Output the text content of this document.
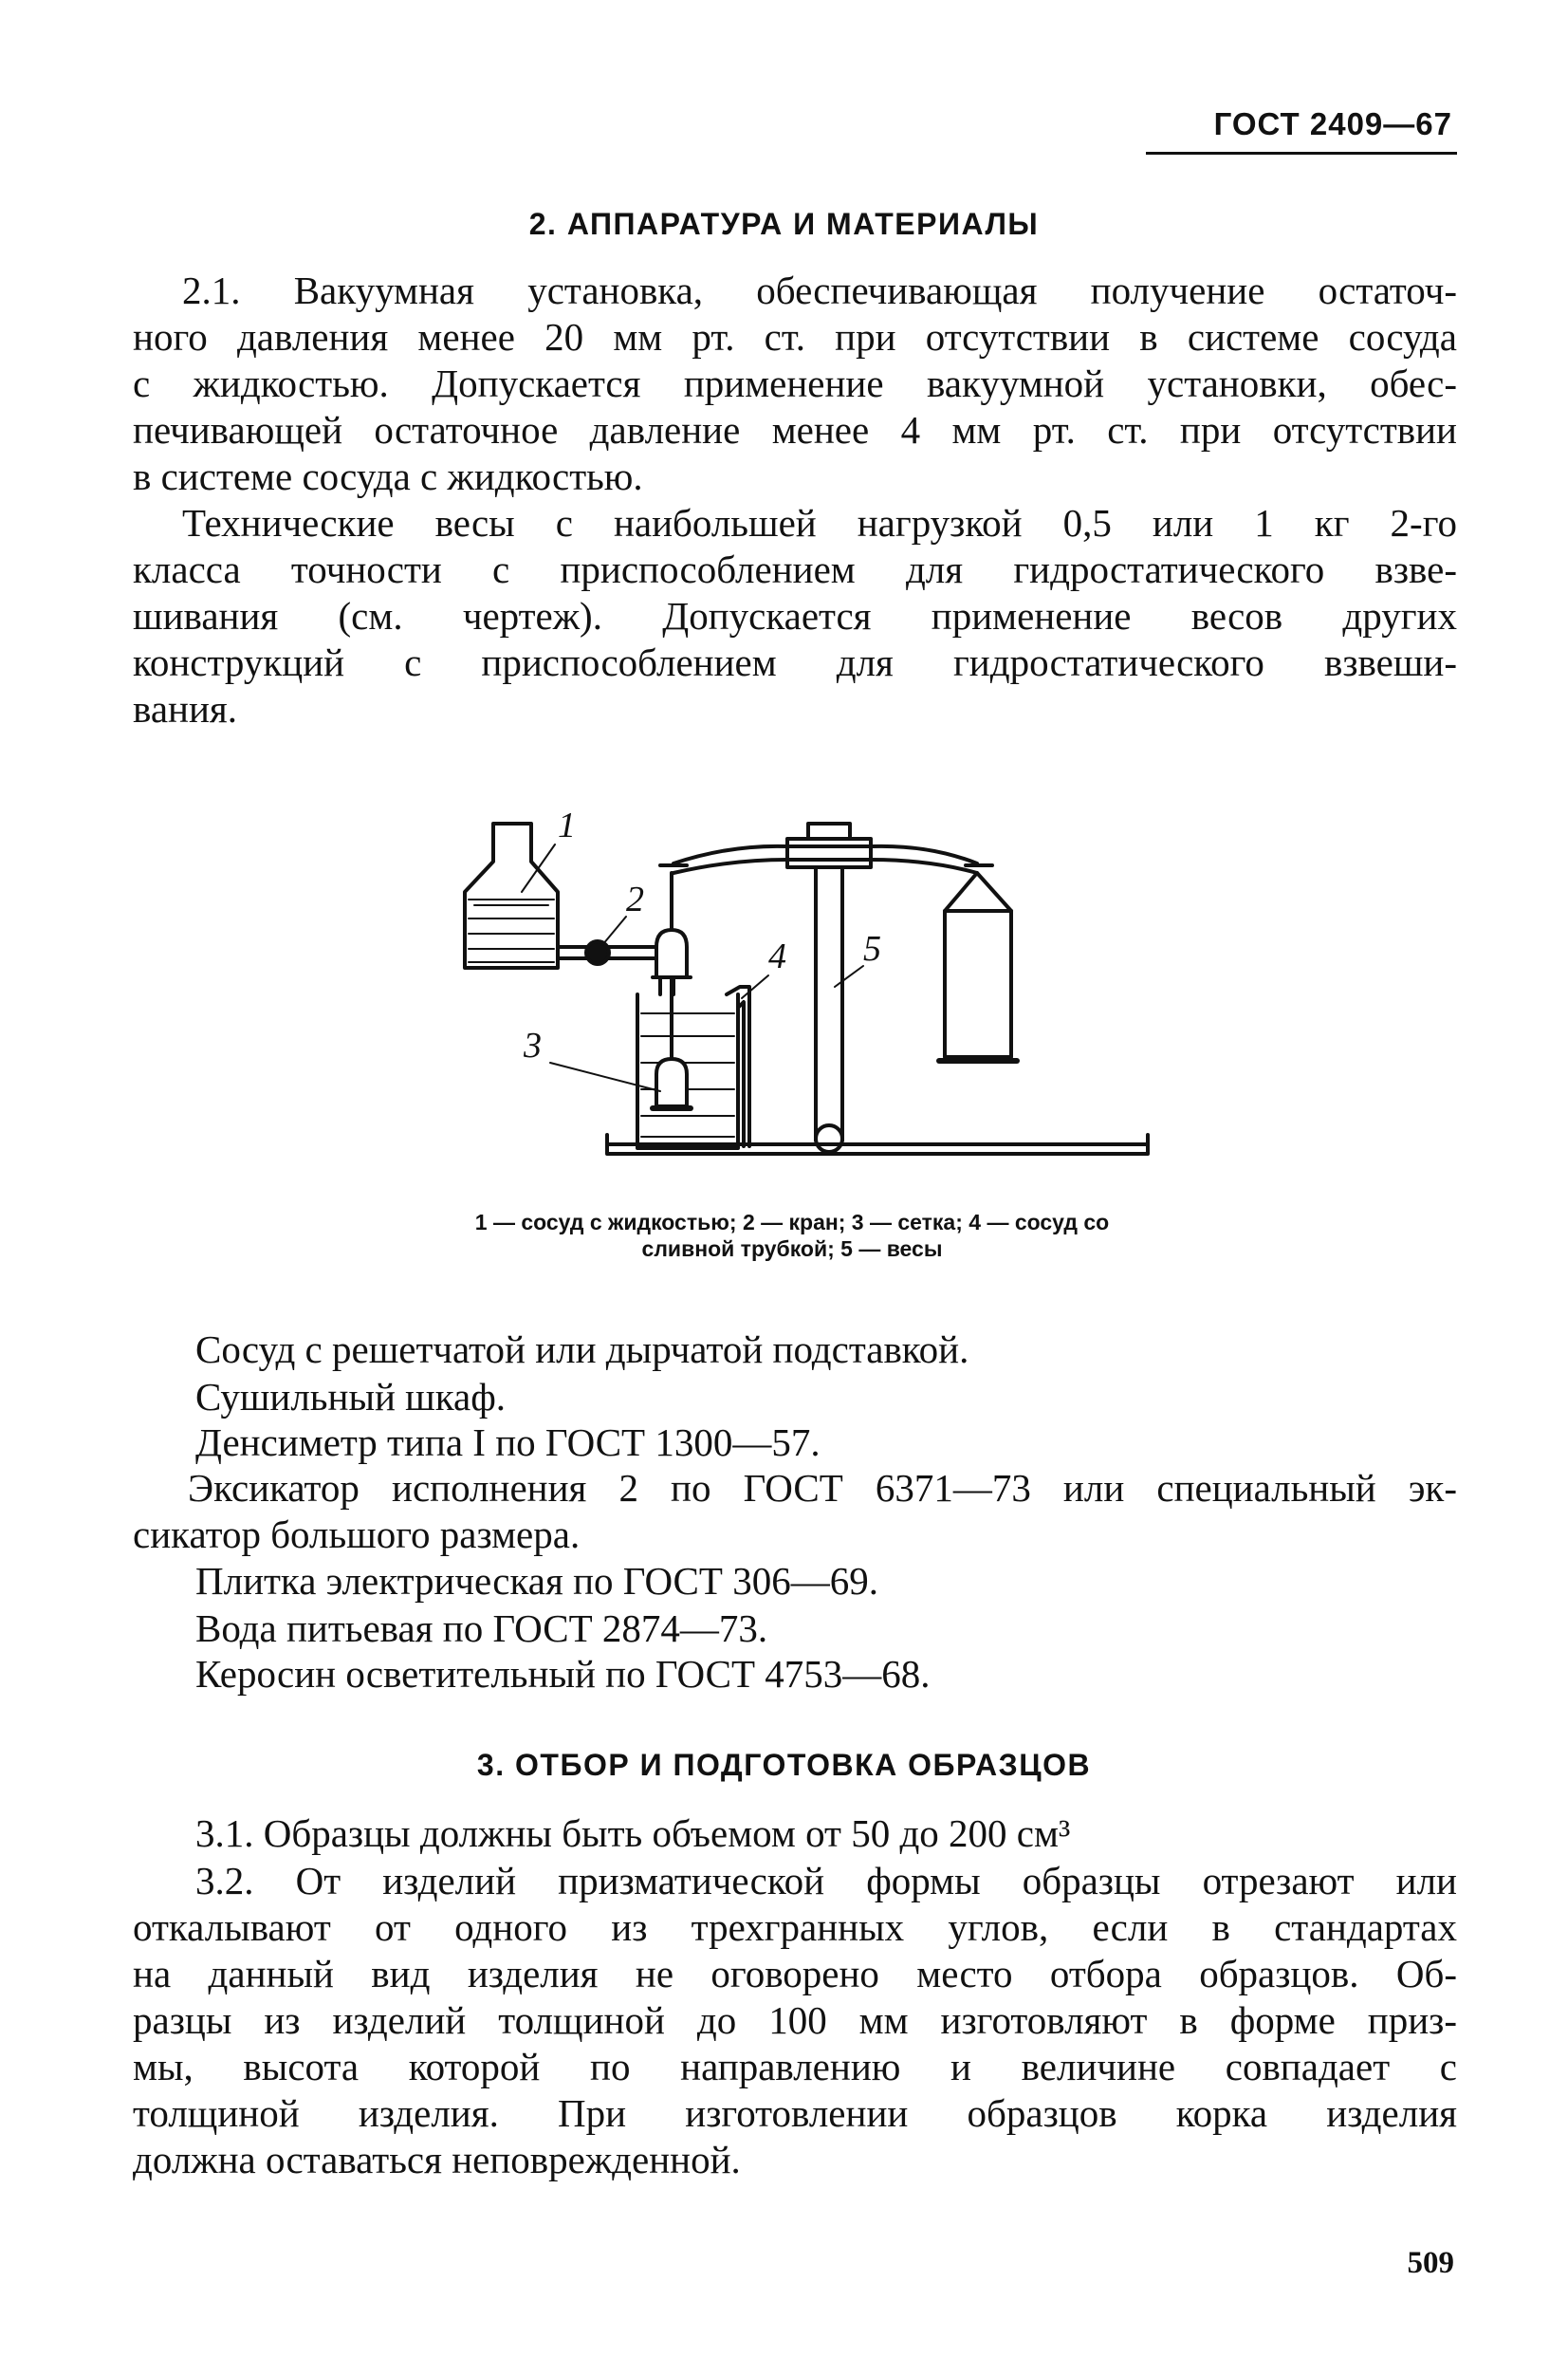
ГОСТ 2409—67
2. АППАРАТУРА И МАТЕРИАЛЫ
2.1. Вакуумная установка, обеспечивающая получение остаточ-
ного давления менее 20 мм рт. ст. при отсутствии в системе сосуда
с жидкостью. Допускается применение вакуумной установки, обес-
печивающей остаточное давление менее 4 мм рт. ст. при отсутствии
в системе сосуда с жидкостью.
Технические весы с наибольшей нагрузкой 0,5 или 1 кг 2-го
класса точности с приспособлением для гидростатического взве-
шивания (см. чертеж). Допускается применение весов других
конструкций с приспособлением для гидростатического взвеши-
вания.
1
2
3
4 5
1 — сосуд с жидкостью; 2 — кран; 3 — сетка; 4 — сосуд со
сливной трубкой; 5 — весы
Сосуд с решетчатой или дырчатой подставкой.
Сушильный шкаф.
Денсиметр типа I по ГОСТ 1300—57.
Эксикатор исполнения 2 по ГОСТ 6371—73 или специальный эк-
сикатор большого размера.
Плитка электрическая по ГОСТ 306—69.
Вода питьевая по ГОСТ 2874—73.
Керосин осветительный по ГОСТ 4753—68.
3. ОТБОР И ПОДГОТОВКА ОБРАЗЦОВ
3.1. Образцы должны быть объемом от 50 до 200 см³
3.2. От изделий призматической формы образцы отрезают или
откалывают от одного из трехгранных углов, если в стандартах
на данный вид изделия не оговорено место отбора образцов. Об-
разцы из изделий толщиной до 100 мм изготовляют в форме приз-
мы, высота которой по направлению и величине совпадает с
толщиной изделия. При изготовлении образцов корка изделия
должна оставаться неповрежденной.
509
